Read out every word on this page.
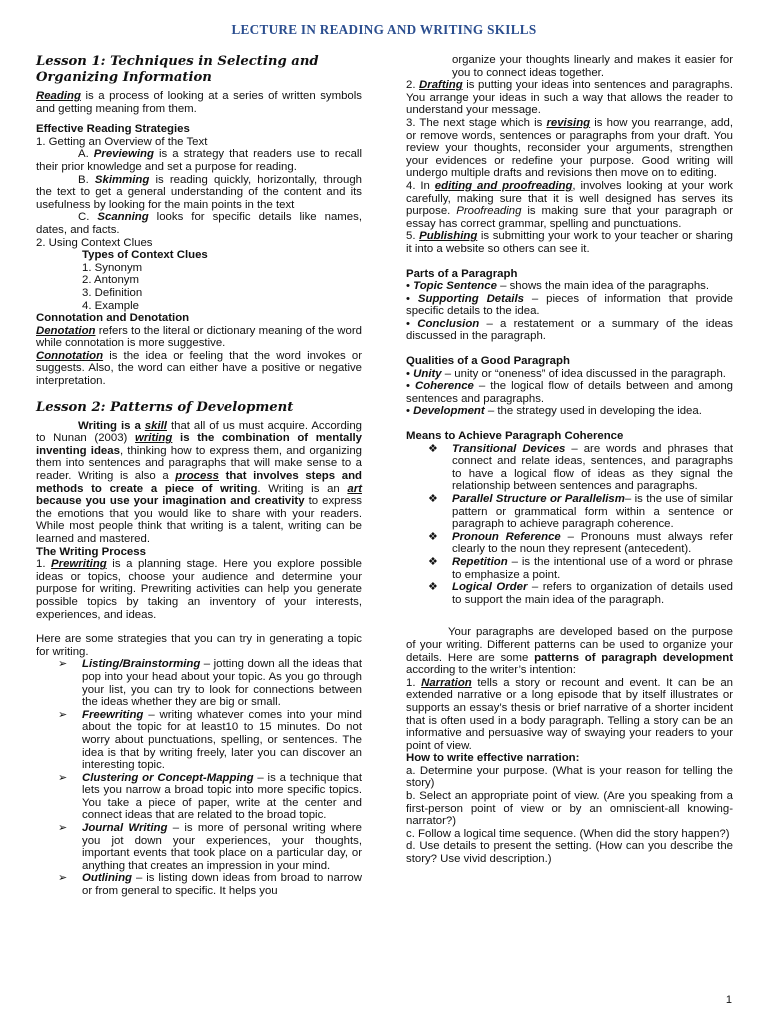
LECTURE IN READING AND WRITING SKILLS
Lesson 1: Techniques in Selecting and Organizing Information

Reading is a process of looking at a series of written symbols and getting meaning from them.

Effective Reading Strategies

1. Getting an Overview of the Text

A. Previewing is a strategy that readers use to recall their prior knowledge and set a purpose for reading.

B. Skimming is reading quickly, horizontally, through the text to get a general understanding of the content and its usefulness by looking for the main points in the text

C. Scanning looks for specific details like names, dates, and facts.

2. Using Context Clues

Types of Context Clues

1. Synonym

2. Antonym

3. Definition

4. Example

Connotation and Denotation

Denotation refers to the literal or dictionary meaning of the word while connotation is more suggestive.

Connotation is the idea or feeling that the word invokes or suggests. Also, the word can either have a positive or negative interpretation.

Lesson 2: Patterns of Development

Writing is a skill that all of us must acquire. According to Nunan (2003) writing is the combination of mentally inventing ideas, thinking how to express them, and organizing them into sentences and paragraphs that will make sense to a reader. Writing is also a process that involves steps and methods to create a piece of writing. Writing is an art because you use your imagination and creativity to express the emotions that you would like to share with your readers. While most people think that writing is a talent, writing can be learned and mastered.

The Writing Process

1. Prewriting is a planning stage. Here you explore possible ideas or topics, choose your audience and determine your purpose for writing. Prewriting activities can help you generate possible topics by taking an inventory of your interests, experiences, and ideas.

Here are some strategies that you can try in generating a topic for writing.

➢ Listing/Brainstorming – jotting down all the ideas that pop into your head about your topic. As you go through your list, you can try to look for connections between the ideas whether they are big or small.

➢ Freewriting – writing whatever comes into your mind about the topic for at least10 to 15 minutes. Do not worry about punctuations, spelling, or sentences. The idea is that by writing freely, later you can discover an interesting topic.

➢ Clustering or Concept-Mapping – is a technique that lets you narrow a broad topic into more specific topics. You take a piece of paper, write at the center and connect ideas that are related to the broad topic.

➢ Journal Writing – is more of personal writing where you jot down your experiences, your thoughts, important events that took place on a particular day, or anything that creates an impression in your mind.

➢ Outlining – is listing down ideas from broad to narrow or from general to specific. It helps you

organize your thoughts linearly and makes it easier for you to connect ideas together.

2. Drafting is putting your ideas into sentences and paragraphs. You arrange your ideas in such a way that allows the reader to understand your message.

3. The next stage which is revising is how you rearrange, add, or remove words, sentences or paragraphs from your draft. You review your thoughts, reconsider your arguments, strengthen your evidences or redefine your purpose. Good writing will undergo multiple drafts and revisions then move on to editing.

4. In editing and proofreading, involves looking at your work carefully, making sure that it is well designed has serves its purpose. Proofreading is making sure that your paragraph or essay has correct grammar, spelling and punctuations.

5. Publishing is submitting your work to your teacher or sharing it into a website so others can see it.

Parts of a Paragraph

• Topic Sentence – shows the main idea of the paragraphs.

• Supporting Details – pieces of information that provide specific details to the idea.

• Conclusion – a restatement or a summary of the ideas discussed in the paragraph.

Qualities of a Good Paragraph

• Unity – unity or “oneness” of idea discussed in the paragraph.

• Coherence – the logical flow of details between and among sentences and paragraphs.

• Development – the strategy used in developing the idea.

Means to Achieve Paragraph Coherence

❖ Transitional Devices – are words and phrases that connect and relate ideas, sentences, and paragraphs to have a logical flow of ideas as they signal the relationship between sentences and paragraphs.

❖ Parallel Structure or Parallelism– is the use of similar pattern or grammatical form within a sentence or paragraph to achieve paragraph coherence.

❖ Pronoun Reference – Pronouns must always refer clearly to the noun they represent (antecedent).

❖ Repetition – is the intentional use of a word or phrase to emphasize a point.

❖ Logical Order – refers to organization of details used to support the main idea of the paragraph.

Your paragraphs are developed based on the purpose of your writing. Different patterns can be used to organize your details. Here are some patterns of paragraph development according to the writer’s intention:

1. Narration tells a story or recount and event. It can be an extended narrative or a long episode that by itself illustrates or supports an essay’s thesis or brief narrative of a shorter incident that is often used in a body paragraph. Telling a story can be an informative and persuasive way of swaying your readers to your point of view.

How to write effective narration:

a. Determine your purpose. (What is your reason for telling the story)

b. Select an appropriate point of view. (Are you speaking from a first-person point of view or by an omniscient-all knowing-narrator?)

c. Follow a logical time sequence. (When did the story happen?)

d. Use details to present the setting. (How can you describe the story? Use vivid description.)

1
